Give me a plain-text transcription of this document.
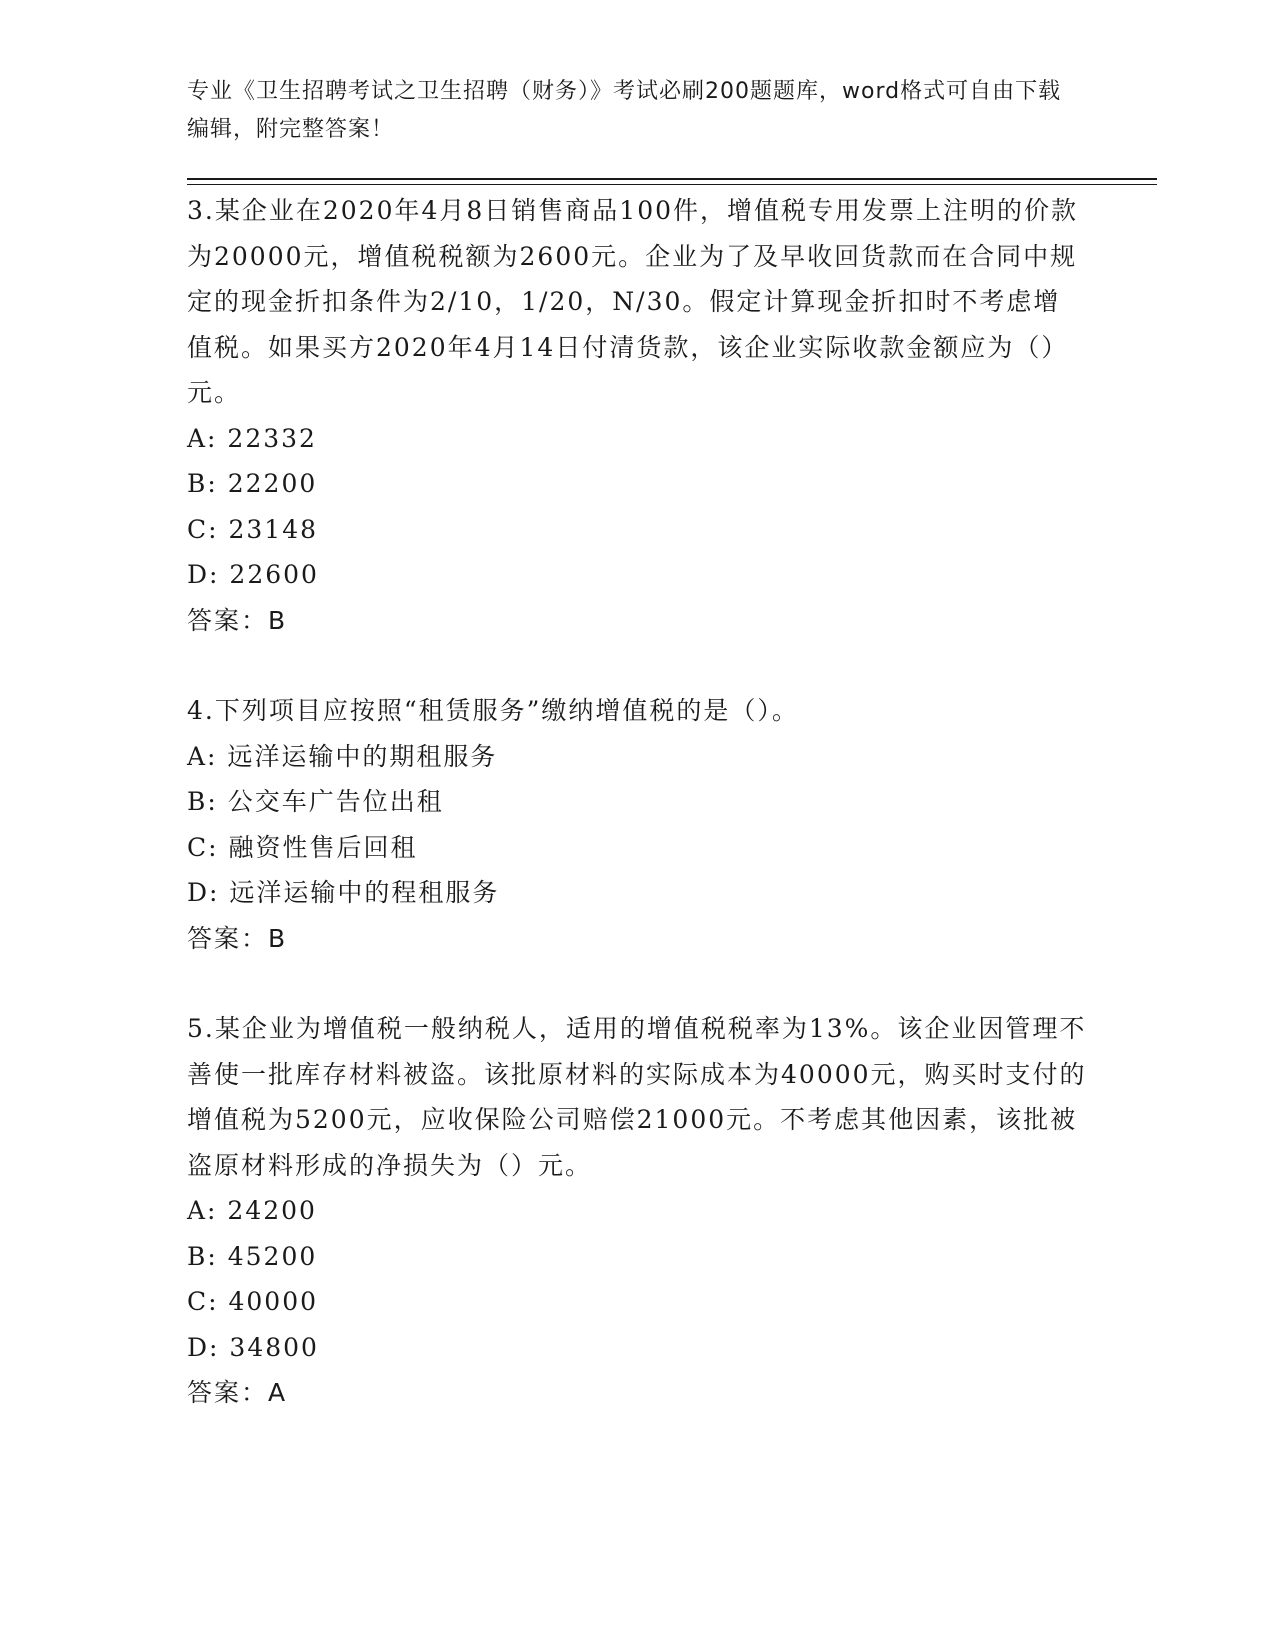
专业《卫生招聘考试之卫生招聘（财务）》考试必刷200题题库，word格式可自由下载编辑，附完整答案！

3.某企业在2020年4月8日销售商品100件，增值税专用发票上注明的价款为20000元，增值税税额为2600元。企业为了及早收回货款而在合同中规定的现金折扣条件为2/10，1/20，N/30。假定计算现金折扣时不考虑增值税。如果买方2020年4月14日付清货款，该企业实际收款金额应为（）元。

A: 22332

B: 22200

C: 23148

D: 22600

答案：B

4.下列项目应按照“租赁服务”缴纳增值税的是（）。

A: 远洋运输中的期租服务

B: 公交车广告位出租

C: 融资性售后回租

D: 远洋运输中的程租服务

答案：B

5.某企业为增值税一般纳税人，适用的增值税税率为13%。该企业因管理不善使一批库存材料被盗。该批原材料的实际成本为40000元，购买时支付的增值税为5200元，应收保险公司赔偿21000元。不考虑其他因素，该批被盗原材料形成的净损失为（）元。

A: 24200

B: 45200

C: 40000

D: 34800

答案：A
